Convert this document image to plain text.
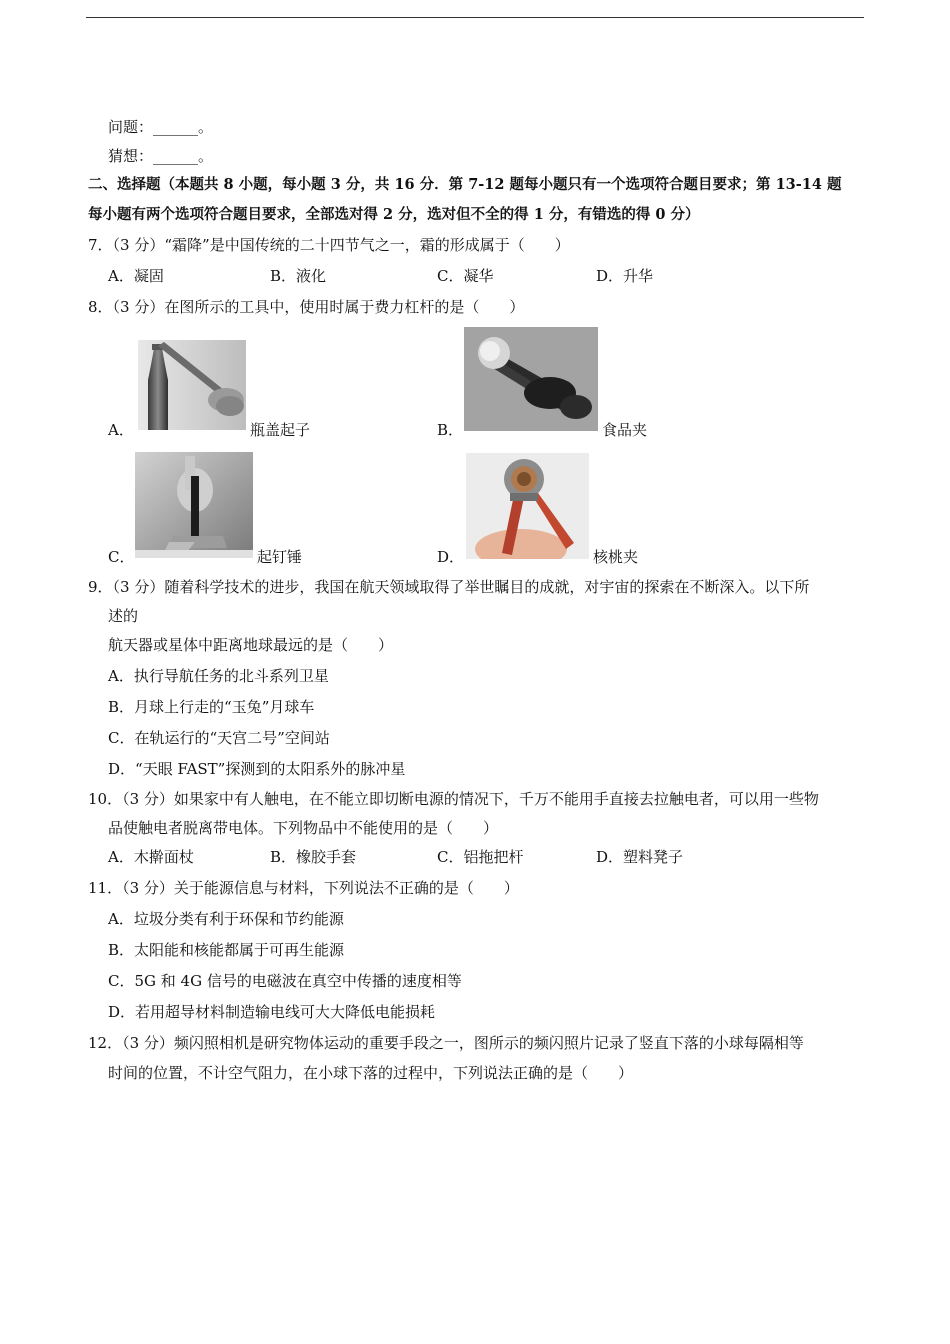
问题：______。
猜想：______。
二、选择题（本题共 8 小题，每小题 3 分，共 16 分．第 7-12 题每小题只有一个选项符合题目要求；第 13-14 题
每小题有两个选项符合题目要求，全部选对得 2 分，选对但不全的得 1 分，有错选的得 0 分）
7．（3 分）“霜降”是中国传统的二十四节气之一，霜的形成属于（　　）
A．凝固	B．液化	C．凝华	D．升华
8．（3 分）在图所示的工具中，使用时属于费力杠杆的是（　　）
A．	瓶盖起子	B．	食品夹
C．	起钉锤	D．	核桃夹
9．（3 分）随着科学技术的进步，我国在航天领域取得了举世瞩目的成就，对宇宙的探索在不断深入。以下所
述的
航天器或星体中距离地球最远的是（　　）
A．执行导航任务的北斗系列卫星
B．月球上行走的“玉兔”月球车
C．在轨运行的“天宫二号”空间站
D．“天眼 FAST”探测到的太阳系外的脉冲星
10．（3 分）如果家中有人触电，在不能立即切断电源的情况下，千万不能用手直接去拉触电者，可以用一些物
品使触电者脱离带电体。下列物品中不能使用的是（　　）
A．木擀面杖	B．橡胶手套	C．铝拖把杆	D．塑料凳子
11．（3 分）关于能源信息与材料，下列说法不正确的是（　　）
A．垃圾分类有利于环保和节约能源
B．太阳能和核能都属于可再生能源
C．5G 和 4G 信号的电磁波在真空中传播的速度相等
D．若用超导材料制造输电线可大大降低电能损耗
12．（3 分）频闪照相机是研究物体运动的重要手段之一，图所示的频闪照片记录了竖直下落的小球每隔相等
时间的位置，不计空气阻力，在小球下落的过程中，下列说法正确的是（　　）
